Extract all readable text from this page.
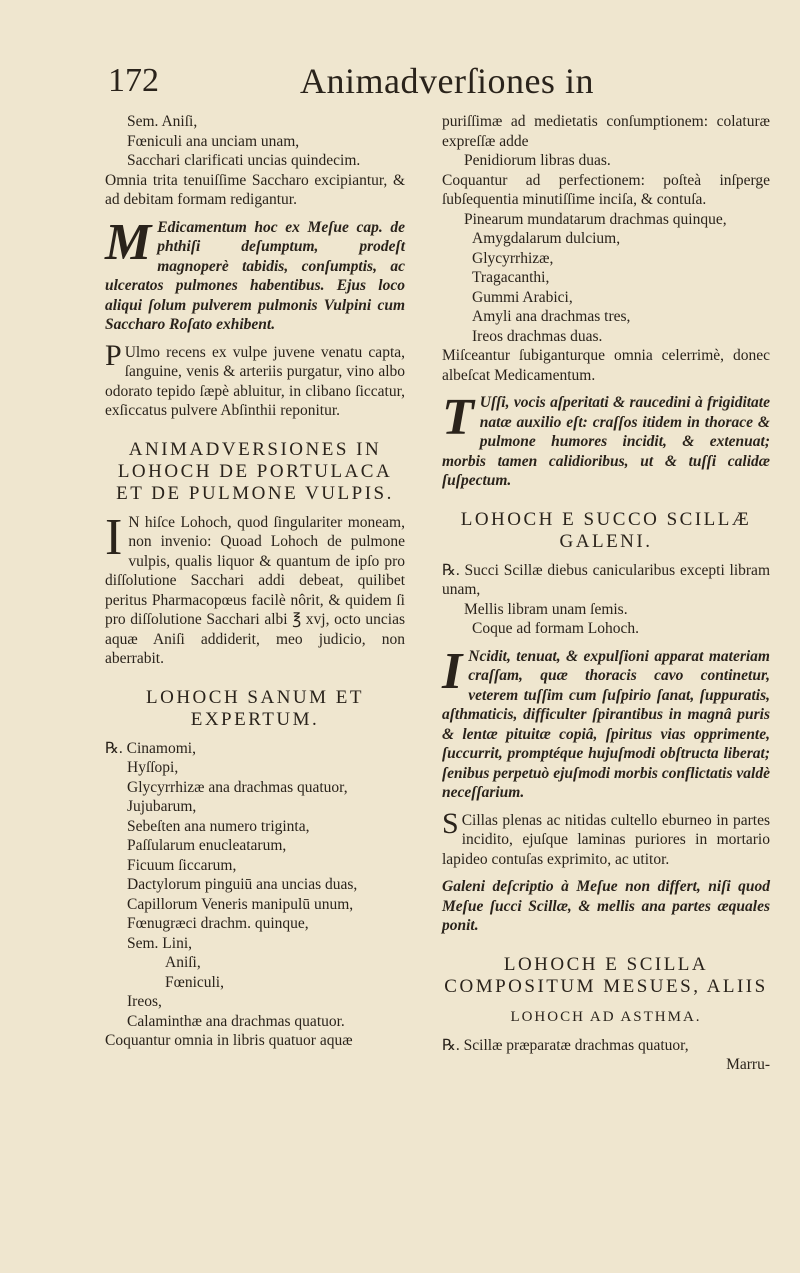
172	Animadverſiones in

Sem. Aniſi,

Fœniculi ana unciam unam,

Sacchari clarificati uncias quindecim.

Omnia trita tenuiſſime Saccharo excipiantur, & ad debitam formam redigantur.

M Edicamentum hoc ex Meſue cap. de phthiſi deſumptum, prodeſt magnoperè tabidis, conſumptis, ac ulceratos pulmones habentibus. Ejus loco aliqui ſolum pulverem pulmonis Vulpini cum Saccharo Roſato exhibent.

P Ulmo recens ex vulpe juvene venatu capta, ſanguine, venis & arteriis purgatur, vino albo odorato tepido ſæpè abluitur, in clibano ſiccatur, exſiccatus pulvere Abſinthii reponitur.

ANIMADVERSIONES IN LOHOCH DE PORTULACA ET DE PULMONE VULPIS.

I N hiſce Lohoch, quod ſingulariter moneam, non invenio: Quoad Lohoch de pulmone vulpis, qualis liquor & quantum de ipſo pro diſſolutione Sacchari addi debeat, quilibet peritus Pharmacopœus facilè nôrit, & quidem ſi pro diſſolutione Sacchari albi ℥ xvj, octo uncias aquæ Aniſi addiderit, meo judicio, non aberrabit.

LOHOCH SANUM ET EXPERTUM.

℞. Cinamomi,

Hyſſopi,

Glycyrrhizæ ana drachmas quatuor,

Jujubarum,

Sebeſten ana numero triginta,

Paſſularum enucleatarum,

Ficuum ſiccarum,

Dactylorum pinguiū ana uncias duas,

Capillorum Veneris manipulū unum,

Fœnugræci drachm. quinque,

Sem. Lini,

Aniſi,

Fœniculi,

Ireos,

Calaminthæ ana drachmas quatuor.

Coquantur omnia in libris quatuor aquæ

puriſſimæ ad medietatis conſumptionem: colaturæ expreſſæ adde

Penidiorum libras duas.

Coquantur ad perfectionem: poſteà inſperge ſubſequentia minutiſſime inciſa, & contuſa.

Pinearum mundatarum drachmas quinque,

Amygdalarum dulcium,

Glycyrrhizæ,

Tragacanthi,

Gummi Arabici,

Amyli ana drachmas tres,

Ireos drachmas duas.

Miſceantur ſubiganturque omnia celerrimè, donec albeſcat Medicamentum.

T Uſſi, vocis aſperitati & raucedini à frigiditate natæ auxilio eſt: craſſos itidem in thorace & pulmone humores incidit, & extenuat; morbis tamen calidioribus, ut & tuſſi calidæ ſuſpectum.

LOHOCH E SUCCO SCILLÆ GALENI.

℞. Succi Scillæ diebus canicularibus excepti libram unam,

Mellis libram unam ſemis.

Coque ad formam Lohoch.

I Ncidit, tenuat, & expulſioni apparat materiam craſſam, quæ thoracis cavo continetur, veterem tuſſim cum ſuſpirio ſanat, ſuppuratis, aſthmaticis, difficulter ſpirantibus in magnâ puris & lentæ pituitæ copiâ, ſpiritus vias opprimente, ſuccurrit, promptéque hujuſmodi obſtructa liberat; ſenibus perpetuò ejuſmodi morbis conflictatis valdè neceſſarium.

S Cillas plenas ac nitidas cultello eburneo in partes incidito, ejuſque laminas puriores in mortario lapideo contuſas exprimito, ac utitor.

Galeni deſcriptio à Meſue non differt, niſi quod Meſue ſucci Scillæ, & mellis ana partes æquales ponit.

LOHOCH E SCILLA COMPOSITUM MESUES, ALIIS
LOHOCH AD ASTHMA.

℞. Scillæ præparatæ drachmas quatuor,

Marru-
